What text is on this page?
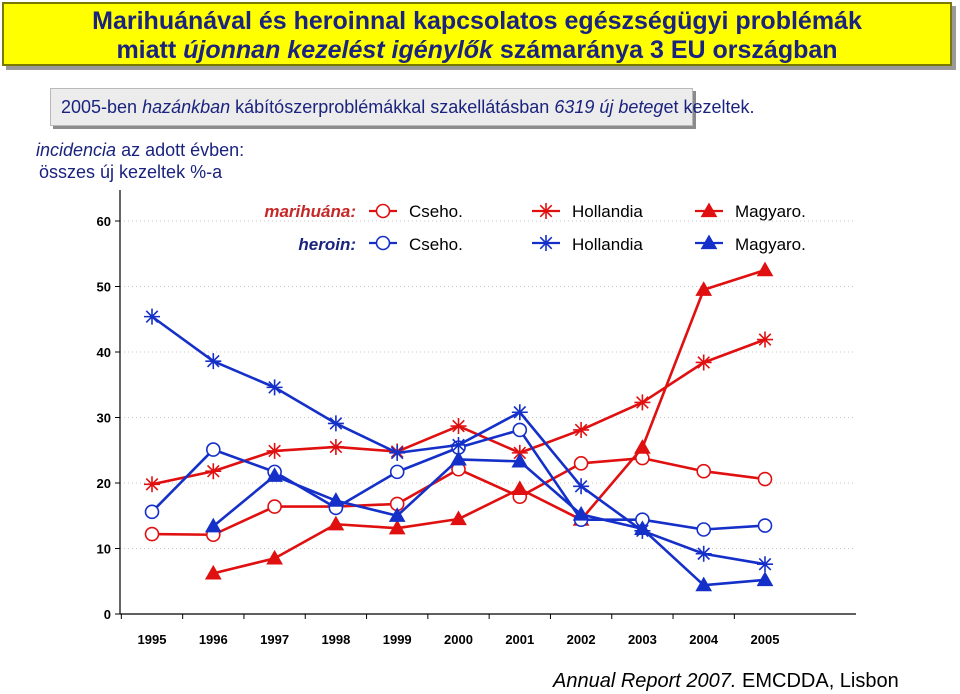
Marihuánával és heroinnal kapcsolatos egészségügyi problémák
miatt újonnan kezelést igénylők számaránya 3 EU országban
2005-ben hazánkban kábítószerproblémákkal szakellátásban 6319 új beteget kezeltek.
incidencia az adott évben:
összes új kezeltek %-a
0
10
20
30
40
50
60
1995 1996 1997 1998 1999 2000 2001 2002 2003 2004 2005
marihuána:
heroin:
Cseho.	Hollandia	Magyaro.
Cseho.	Hollandia	Magyaro.
Annual Report 2007. EMCDDA, Lisbon
